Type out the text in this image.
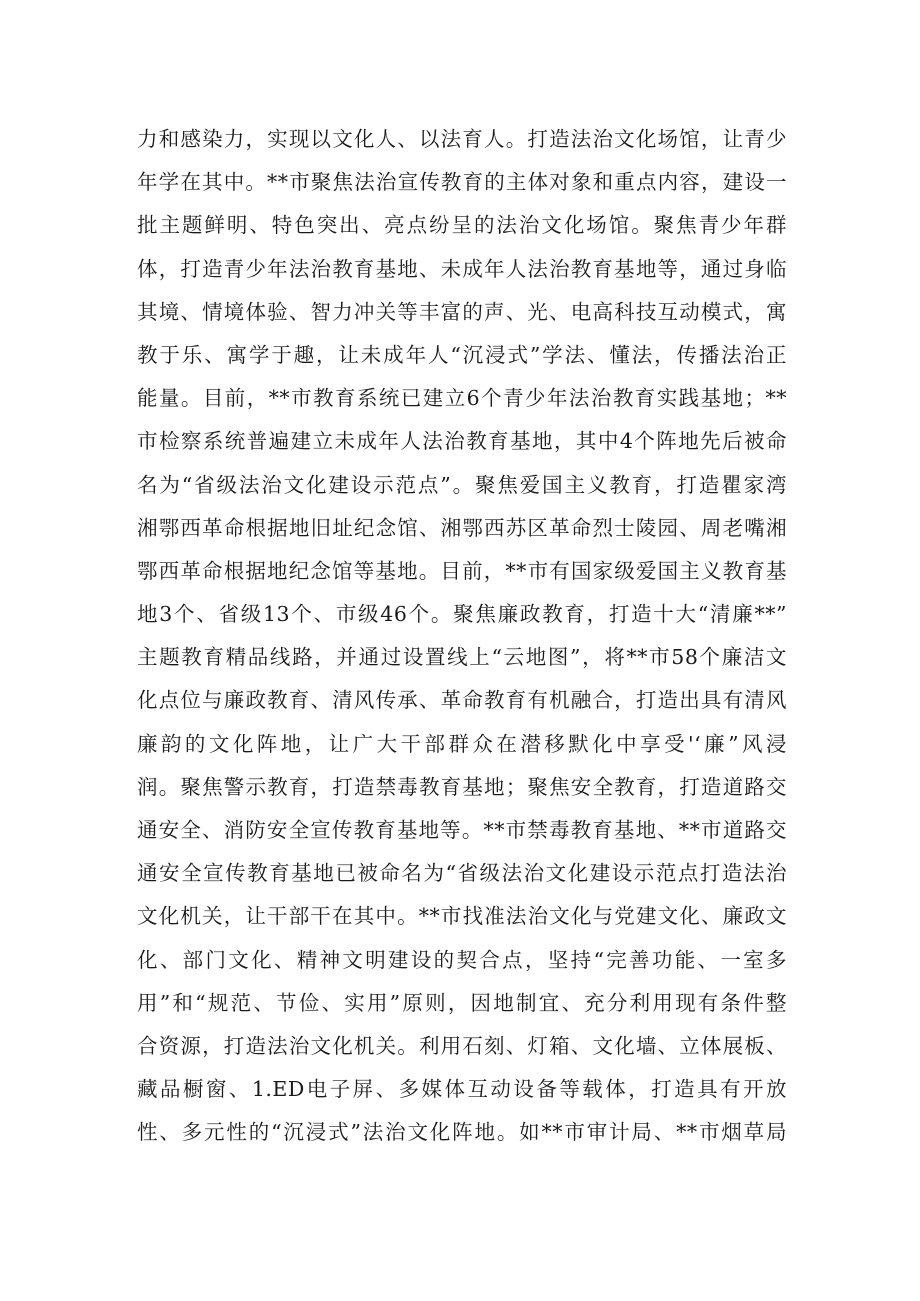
力和感染力，实现以文化人、以法育人。打造法治文化场馆，让青少
年学在其中。**市聚焦法治宣传教育的主体对象和重点内容，建设一
批主题鲜明、特色突出、亮点纷呈的法治文化场馆。聚焦青少年群
体，打造青少年法治教育基地、未成年人法治教育基地等，通过身临
其境、情境体验、智力冲关等丰富的声、光、电高科技互动模式，寓
教于乐、寓学于趣，让未成年人“沉浸式”学法、懂法，传播法治正
能量。目前，**市教育系统已建立6个青少年法治教育实践基地；**
市检察系统普遍建立未成年人法治教育基地，其中4个阵地先后被命
名为“省级法治文化建设示范点”。聚焦爱国主义教育，打造瞿家湾
湘鄂西革命根据地旧址纪念馆、湘鄂西苏区革命烈士陵园、周老嘴湘
鄂西革命根据地纪念馆等基地。目前，**市有国家级爱国主义教育基
地3个、省级13个、市级46个。聚焦廉政教育，打造十大“清廉**”
主题教育精品线路，并通过设置线上“云地图”，将**市58个廉洁文
化点位与廉政教育、清风传承、革命教育有机融合，打造出具有清风
廉韵的文化阵地，让广大干部群众在潜移默化中享受'‘廉”风浸
润。聚焦警示教育，打造禁毒教育基地；聚焦安全教育，打造道路交
通安全、消防安全宣传教育基地等。**市禁毒教育基地、**市道路交
通安全宣传教育基地已被命名为“省级法治文化建设示范点打造法治
文化机关，让干部干在其中。**市找准法治文化与党建文化、廉政文
化、部门文化、精神文明建设的契合点，坚持“完善功能、一室多
用”和“规范、节俭、实用”原则，因地制宜、充分利用现有条件整
合资源，打造法治文化机关。利用石刻、灯箱、文化墙、立体展板、
藏品橱窗、1.ED电子屏、多媒体互动设备等载体，打造具有开放
性、多元性的“沉浸式”法治文化阵地。如**市审计局、**市烟草局
